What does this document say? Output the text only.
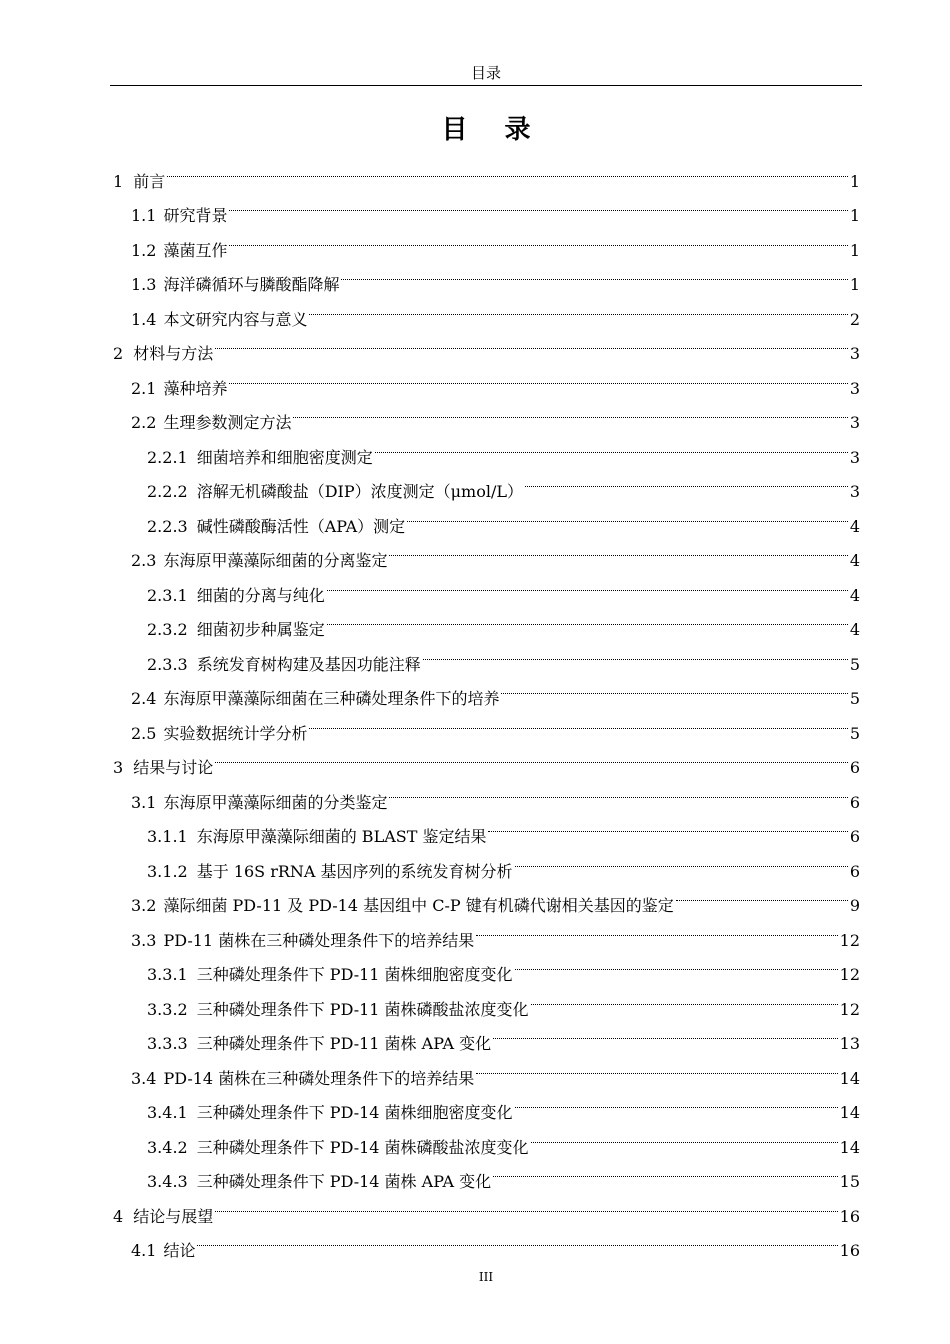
目录
目 录
1 前言	1
1.1 研究背景	1
1.2 藻菌互作	1
1.3 海洋磷循环与膦酸酯降解	1
1.4 本文研究内容与意义	2
2 材料与方法	3
2.1 藻种培养	3
2.2 生理参数测定方法	3
2.2.1 细菌培养和细胞密度测定	3
2.2.2 溶解无机磷酸盐（DIP）浓度测定（μmol/L）	3
2.2.3 碱性磷酸酶活性（APA）测定	4
2.3 东海原甲藻藻际细菌的分离鉴定	4
2.3.1 细菌的分离与纯化	4
2.3.2 细菌初步种属鉴定	4
2.3.3 系统发育树构建及基因功能注释	5
2.4 东海原甲藻藻际细菌在三种磷处理条件下的培养	5
2.5 实验数据统计学分析	5
3 结果与讨论	6
3.1 东海原甲藻藻际细菌的分类鉴定	6
3.1.1 东海原甲藻藻际细菌的 BLAST 鉴定结果	6
3.1.2 基于 16S rRNA 基因序列的系统发育树分析	6
3.2 藻际细菌 PD-11 及 PD-14 基因组中 C-P 键有机磷代谢相关基因的鉴定	9
3.3 PD-11 菌株在三种磷处理条件下的培养结果	12
3.3.1 三种磷处理条件下 PD-11 菌株细胞密度变化	12
3.3.2 三种磷处理条件下 PD-11 菌株磷酸盐浓度变化	12
3.3.3 三种磷处理条件下 PD-11 菌株 APA 变化	13
3.4 PD-14 菌株在三种磷处理条件下的培养结果	14
3.4.1 三种磷处理条件下 PD-14 菌株细胞密度变化	14
3.4.2 三种磷处理条件下 PD-14 菌株磷酸盐浓度变化	14
3.4.3 三种磷处理条件下 PD-14 菌株 APA 变化	15
4 结论与展望	16
4.1 结论	16
III
